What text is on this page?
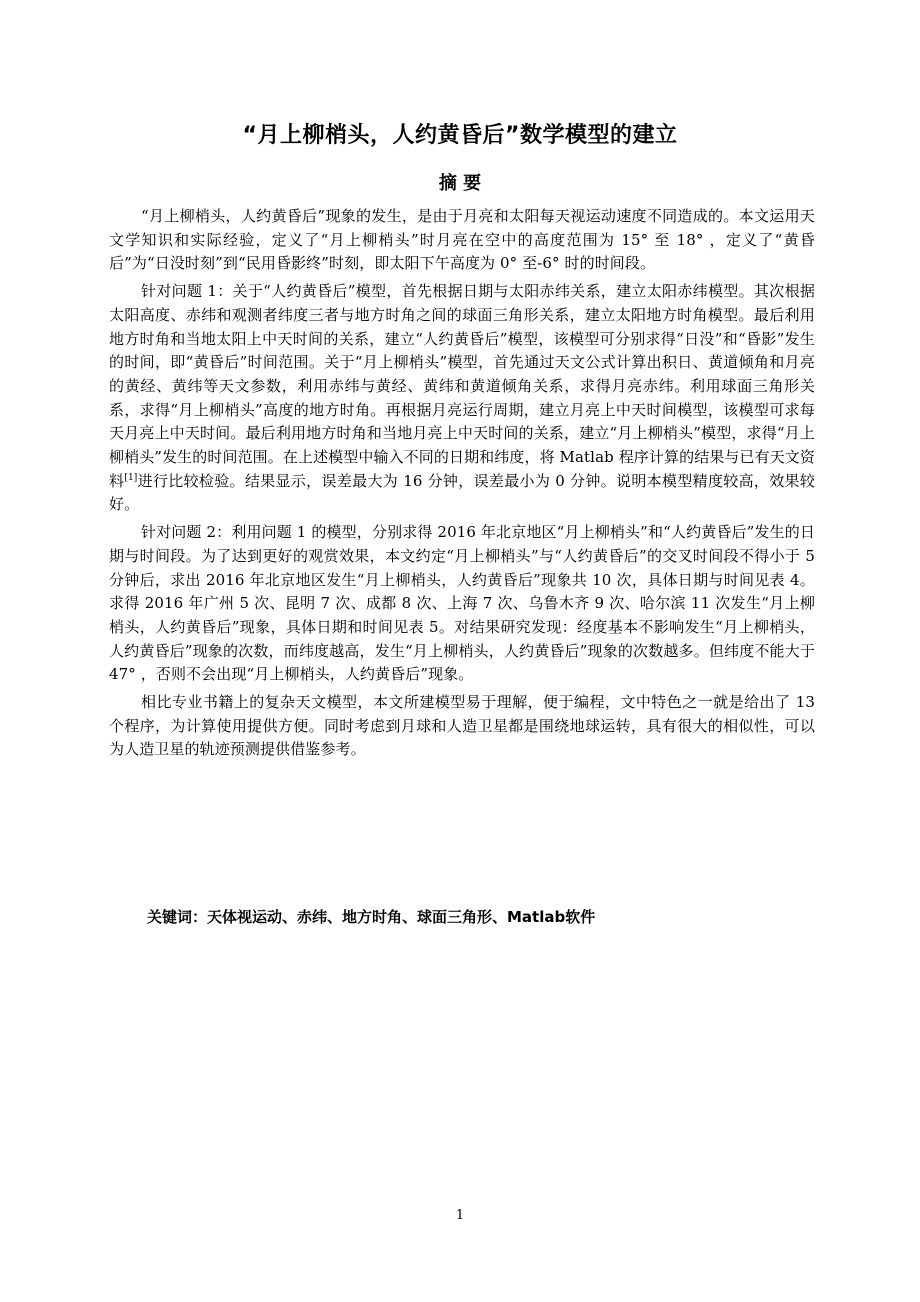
“月上柳梢头，人约黄昏后”数学模型的建立
摘 要

“月上柳梢头，人约黄昏后”现象的发生，是由于月亮和太阳每天视运动速度不同造成的。本文运用天文学知识和实际经验，定义了“月上柳梢头”时月亮在空中的高度范围为 15° 至 18° ，定义了“黄昏后”为“日没时刻”到“民用昏影终”时刻，即太阳下午高度为 0° 至-6° 时的时间段。

针对问题 1：关于“人约黄昏后”模型，首先根据日期与太阳赤纬关系，建立太阳赤纬模型。其次根据太阳高度、赤纬和观测者纬度三者与地方时角之间的球面三角形关系，建立太阳地方时角模型。最后利用地方时角和当地太阳上中天时间的关系，建立“人约黄昏后”模型，该模型可分别求得“日没”和“昏影”发生的时间，即“黄昏后”时间范围。关于“月上柳梢头”模型，首先通过天文公式计算出积日、黄道倾角和月亮的黄经、黄纬等天文参数，利用赤纬与黄经、黄纬和黄道倾角关系，求得月亮赤纬。利用球面三角形关系，求得“月上柳梢头”高度的地方时角。再根据月亮运行周期，建立月亮上中天时间模型，该模型可求每天月亮上中天时间。最后利用地方时角和当地月亮上中天时间的关系，建立“月上柳梢头”模型，求得“月上柳梢头”发生的时间范围。在上述模型中输入不同的日期和纬度，将 Matlab 程序计算的结果与已有天文资料[1]进行比较检验。结果显示，误差最大为 16 分钟，误差最小为 0 分钟。说明本模型精度较高，效果较好。

针对问题 2：利用问题 1 的模型，分别求得 2016 年北京地区“月上柳梢头”和“人约黄昏后”发生的日期与时间段。为了达到更好的观赏效果，本文约定“月上柳梢头”与“人约黄昏后”的交叉时间段不得小于 5 分钟后，求出 2016 年北京地区发生“月上柳梢头，人约黄昏后”现象共 10 次，具体日期与时间见表 4。求得 2016 年广州 5 次、昆明 7 次、成都 8 次、上海 7 次、乌鲁木齐 9 次、哈尔滨 11 次发生“月上柳梢头，人约黄昏后”现象，具体日期和时间见表 5。对结果研究发现：经度基本不影响发生“月上柳梢头，人约黄昏后”现象的次数，而纬度越高，发生“月上柳梢头，人约黄昏后”现象的次数越多。但纬度不能大于 47° ，否则不会出现“月上柳梢头，人约黄昏后”现象。

相比专业书籍上的复杂天文模型，本文所建模型易于理解，便于编程，文中特色之一就是给出了 13 个程序，为计算使用提供方便。同时考虑到月球和人造卫星都是围绕地球运转，具有很大的相似性，可以为人造卫星的轨迹预测提供借鉴参考。

关键词：天体视运动、赤纬、地方时角、球面三角形、Matlab软件
1
